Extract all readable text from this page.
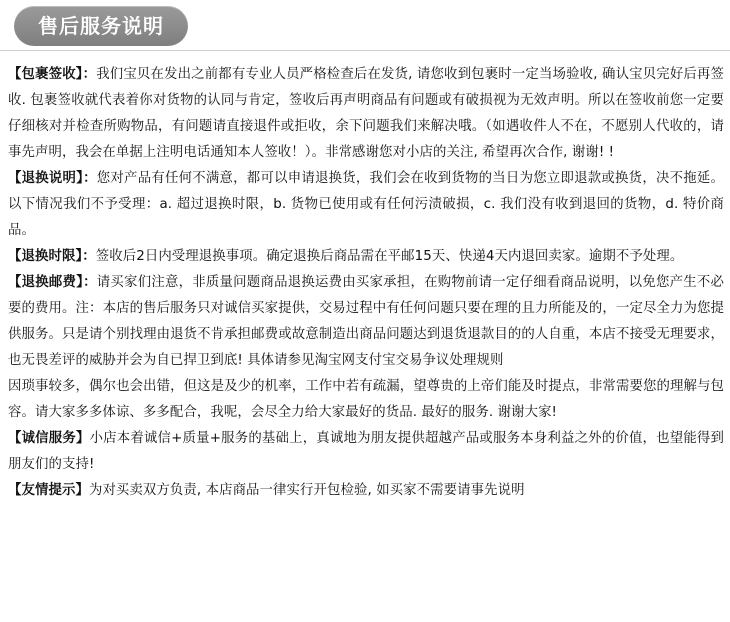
售后服务说明

【包裹签收】：我们宝贝在发出之前都有专业人员严格检查后在发货, 请您收到包裹时一定当场验收, 确认宝贝完好后再签收. 包裹签收就代表着你对货物的认同与肯定，签收后再声明商品有问题或有破损视为无效声明。所以在签收前您一定要仔细核对并检查所购物品，有问题请直接退件或拒收，余下问题我们来解决哦。（如遇收件人不在，不愿别人代收的，请事先声明，我会在单据上注明电话通知本人签收！）。非常感谢您对小店的关注, 希望再次合作, 谢谢! !

【退换说明】：您对产品有任何不满意，都可以申请退换货，我们会在收到货物的当日为您立即退款或换货，决不拖延。以下情况我们不予受理：a. 超过退换时限，b. 货物已使用或有任何污渍破损，c. 我们没有收到退回的货物，d. 特价商品。

【退换时限】：签收后2日内受理退换事项。确定退换后商品需在平邮15天、快递4天内退回卖家。逾期不予处理。

【退换邮费】：请买家们注意，非质量问题商品退换运费由买家承担，在购物前请一定仔细看商品说明，以免您产生不必要的费用。注：本店的售后服务只对诚信买家提供，交易过程中有任何问题只要在理的且力所能及的，一定尽全力为您提供服务。只是请个别找理由退货不肯承担邮费或故意制造出商品问题达到退货退款目的的人自重，本店不接受无理要求，也无畏差评的威胁并会为自已捍卫到底! 具体请参见淘宝网支付宝交易争议处理规则

因琐事较多，偶尔也会出错，但这是及少的机率，工作中若有疏漏，望尊贵的上帝们能及时提点，非常需要您的理解与包容。请大家多多体谅、多多配合，我呢，会尽全力给大家最好的货品. 最好的服务. 谢谢大家!

【诚信服务】小店本着诚信+质量+服务的基础上，真诚地为朋友提供超越产品或服务本身利益之外的价值，也望能得到朋友们的支持!

【友情提示】为对买卖双方负责, 本店商品一律实行开包检验, 如买家不需要请事先说明
